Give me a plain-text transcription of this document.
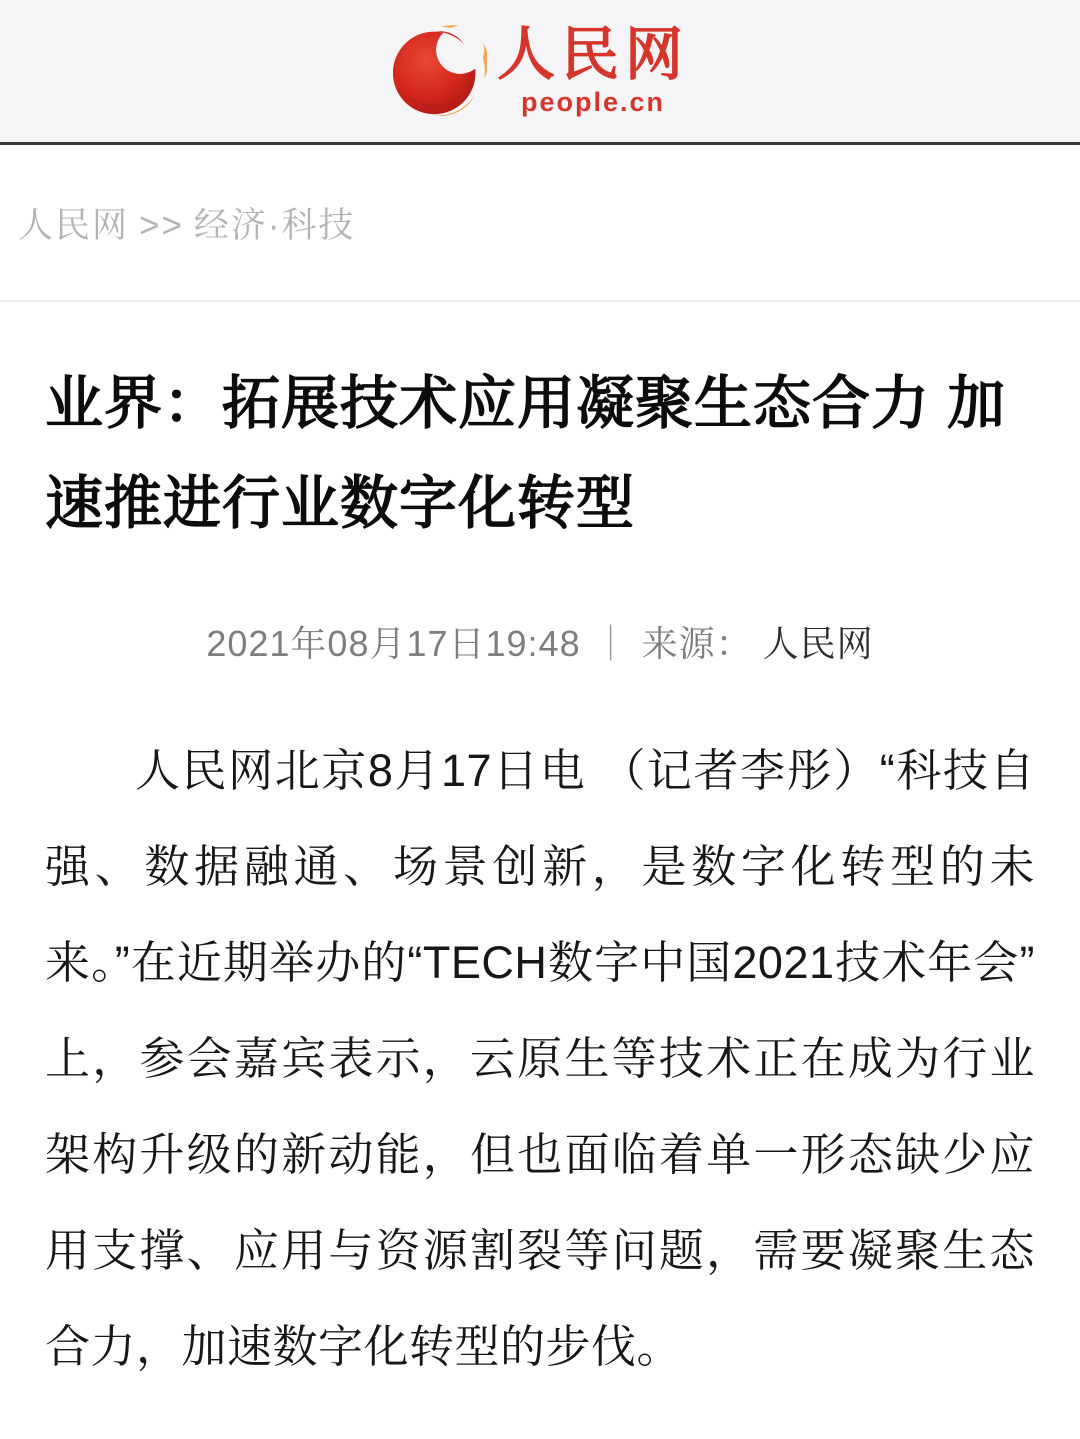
人民网
people.cn
人民网 >> 经济·科技
业界：拓展技术应用凝聚生态合力 加速推进行业数字化转型
2021年08月17日19:48 ｜ 来源： 人民网

人民网北京8月17日电 （记者李彤）“科技自强、数据融通、场景创新，是数字化转型的未来。”在近期举办的“TECH数字中国2021技术年会”上，参会嘉宾表示，云原生等技术正在成为行业架构升级的新动能，但也面临着单一形态缺少应用支撑、应用与资源割裂等问题，需要凝聚生态合力，加速数字化转型的步伐。
